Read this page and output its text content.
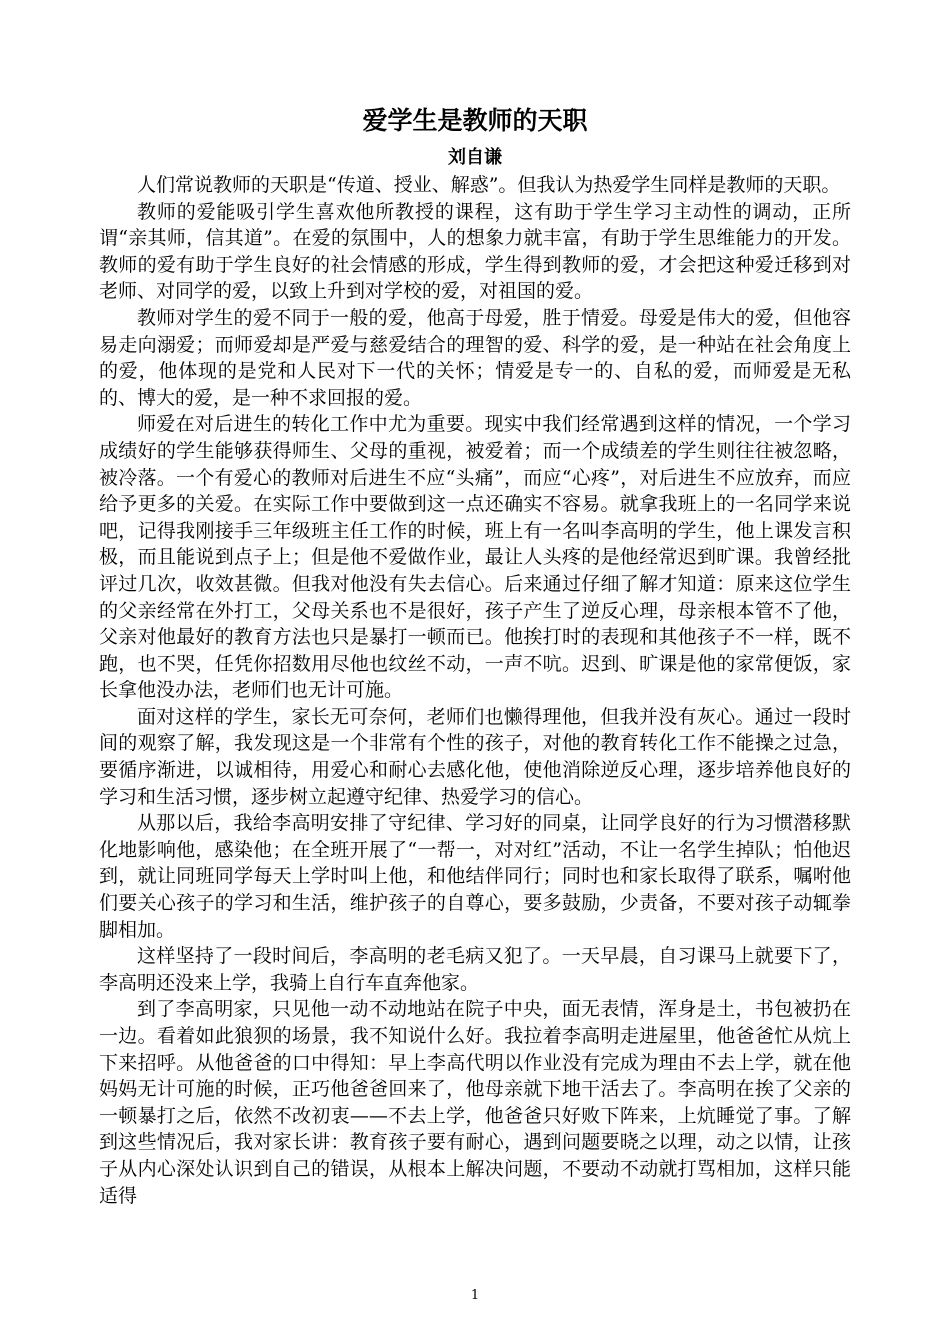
爱学生是教师的天职
刘自谦

人们常说教师的天职是“传道、授业、解惑”。但我认为热爱学生同样是教师的天职。

教师的爱能吸引学生喜欢他所教授的课程，这有助于学生学习主动性的调动，正所谓“亲其师，信其道”。在爱的氛围中，人的想象力就丰富，有助于学生思维能力的开发。教师的爱有助于学生良好的社会情感的形成，学生得到教师的爱，才会把这种爱迁移到对老师、对同学的爱，以致上升到对学校的爱，对祖国的爱。

教师对学生的爱不同于一般的爱，他高于母爱，胜于情爱。母爱是伟大的爱，但他容易走向溺爱；而师爱却是严爱与慈爱结合的理智的爱、科学的爱，是一种站在社会角度上的爱，他体现的是党和人民对下一代的关怀；情爱是专一的、自私的爱，而师爱是无私的、博大的爱，是一种不求回报的爱。

师爱在对后进生的转化工作中尤为重要。现实中我们经常遇到这样的情况，一个学习成绩好的学生能够获得师生、父母的重视，被爱着；而一个成绩差的学生则往往被忽略，被冷落。一个有爱心的教师对后进生不应“头痛”，而应“心疼”，对后进生不应放弃，而应给予更多的关爱。在实际工作中要做到这一点还确实不容易。就拿我班上的一名同学来说吧，记得我刚接手三年级班主任工作的时候，班上有一名叫李高明的学生，他上课发言积极，而且能说到点子上；但是他不爱做作业，最让人头疼的是他经常迟到旷课。我曾经批评过几次，收效甚微。但我对他没有失去信心。后来通过仔细了解才知道：原来这位学生的父亲经常在外打工，父母关系也不是很好，孩子产生了逆反心理，母亲根本管不了他，父亲对他最好的教育方法也只是暴打一顿而已。他挨打时的表现和其他孩子不一样，既不跑，也不哭，任凭你招数用尽他也纹丝不动，一声不吭。迟到、旷课是他的家常便饭，家长拿他没办法，老师们也无计可施。

面对这样的学生，家长无可奈何，老师们也懒得理他，但我并没有灰心。通过一段时间的观察了解，我发现这是一个非常有个性的孩子，对他的教育转化工作不能操之过急，要循序渐进，以诚相待，用爱心和耐心去感化他，使他消除逆反心理，逐步培养他良好的学习和生活习惯，逐步树立起遵守纪律、热爱学习的信心。

从那以后，我给李高明安排了守纪律、学习好的同桌，让同学良好的行为习惯潜移默化地影响他，感染他；在全班开展了“一帮一，对对红”活动，不让一名学生掉队；怕他迟到，就让同班同学每天上学时叫上他，和他结伴同行；同时也和家长取得了联系，嘱咐他们要关心孩子的学习和生活，维护孩子的自尊心，要多鼓励，少责备，不要对孩子动辄拳脚相加。

这样坚持了一段时间后，李高明的老毛病又犯了。一天早晨，自习课马上就要下了，李高明还没来上学，我骑上自行车直奔他家。

到了李高明家，只见他一动不动地站在院子中央，面无表情，浑身是土，书包被扔在一边。看着如此狼狈的场景，我不知说什么好。我拉着李高明走进屋里，他爸爸忙从炕上下来招呼。从他爸爸的口中得知：早上李高代明以作业没有完成为理由不去上学，就在他妈妈无计可施的时候，正巧他爸爸回来了，他母亲就下地干活去了。李高明在挨了父亲的一顿暴打之后，依然不改初衷——不去上学，他爸爸只好败下阵来，上炕睡觉了事。了解到这些情况后，我对家长讲：教育孩子要有耐心，遇到问题要晓之以理，动之以情，让孩子从内心深处认识到自己的错误，从根本上解决问题，不要动不动就打骂相加，这样只能适得

1
